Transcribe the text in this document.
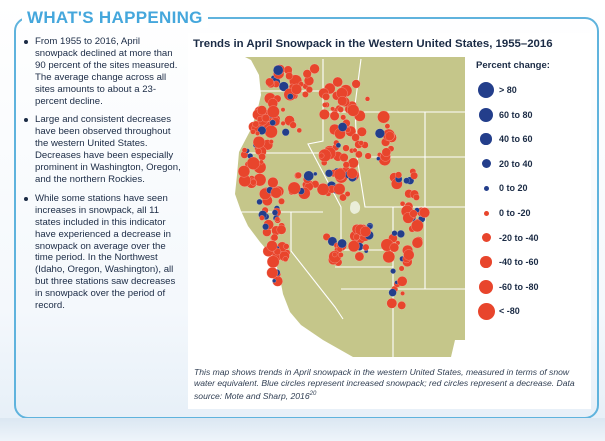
WHAT'S HAPPENING
From 1955 to 2016, April snowpack declined at more than 90 percent of the sites measured. The average change across all sites amounts to about a 23-percent decline.
Large and consistent decreases have been observed throughout the western United States. Decreases have been especially prominent in Washington, Oregon, and the northern Rockies.
While some stations have seen increases in snowpack, all 11 states included in this indicator have experienced a decrease in snowpack on average over the time period. In the Northwest (Idaho, Oregon, Washington), all but three stations saw decreases in snowpack over the period of record.
Trends in April Snowpack in the Western United States, 1955–2016
Percent change:
> 80
60 to 80
40 to 60
20 to 40
0 to 20
0 to -20
-20 to -40
-40 to -60
-60 to -80
< -80
This map shows trends in April snowpack in the western United States, measured in terms of snow water equivalent. Blue circles represent increased snowpack; red circles represent a decrease. Data source: Mote and Sharp, 2016$^{20}$
